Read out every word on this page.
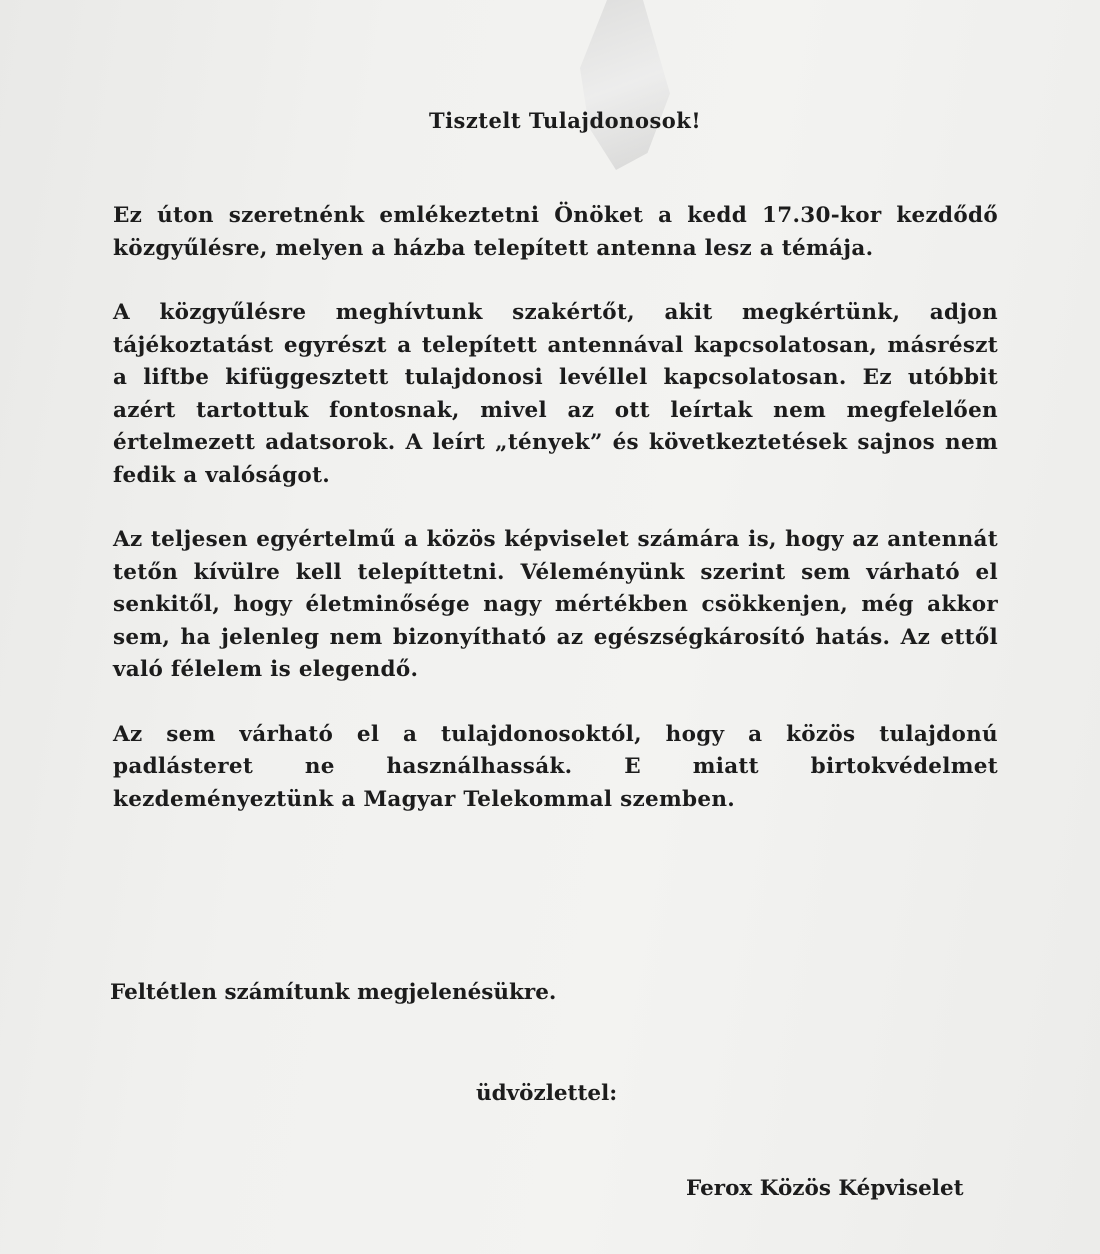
Tisztelt Tulajdonosok!

Ez úton szeretnénk emlékeztetni Önöket a kedd 17.30-kor kezdődő közgyűlésre, melyen a házba telepített antenna lesz a témája.

A közgyűlésre meghívtunk szakértőt, akit megkértünk, adjon tájékoztatást egyrészt a telepített antennával kapcsolatosan, másrészt a liftbe kifüggesztett tulajdonosi levéllel kapcsolatosan. Ez utóbbit azért tartottuk fontosnak, mivel az ott leírtak nem megfelelően értelmezett adatsorok. A leírt „tények” és következtetések sajnos nem fedik a valóságot.

Az teljesen egyértelmű a közös képviselet számára is, hogy az antennát tetőn kívülre kell telepíttetni. Véleményünk szerint sem várható el senkitől, hogy életminősége nagy mértékben csökkenjen, még akkor sem, ha jelenleg nem bizonyítható az egészségkárosító hatás. Az ettől való félelem is elegendő.

Az sem várható el a tulajdonosoktól, hogy a közös tulajdonú padlásteret ne használhassák. E miatt birtokvédelmet kezdeményeztünk a Magyar Telekommal szemben.

Feltétlen számítunk megjelenésükre.

üdvözlettel:

Ferox Közös Képviselet
